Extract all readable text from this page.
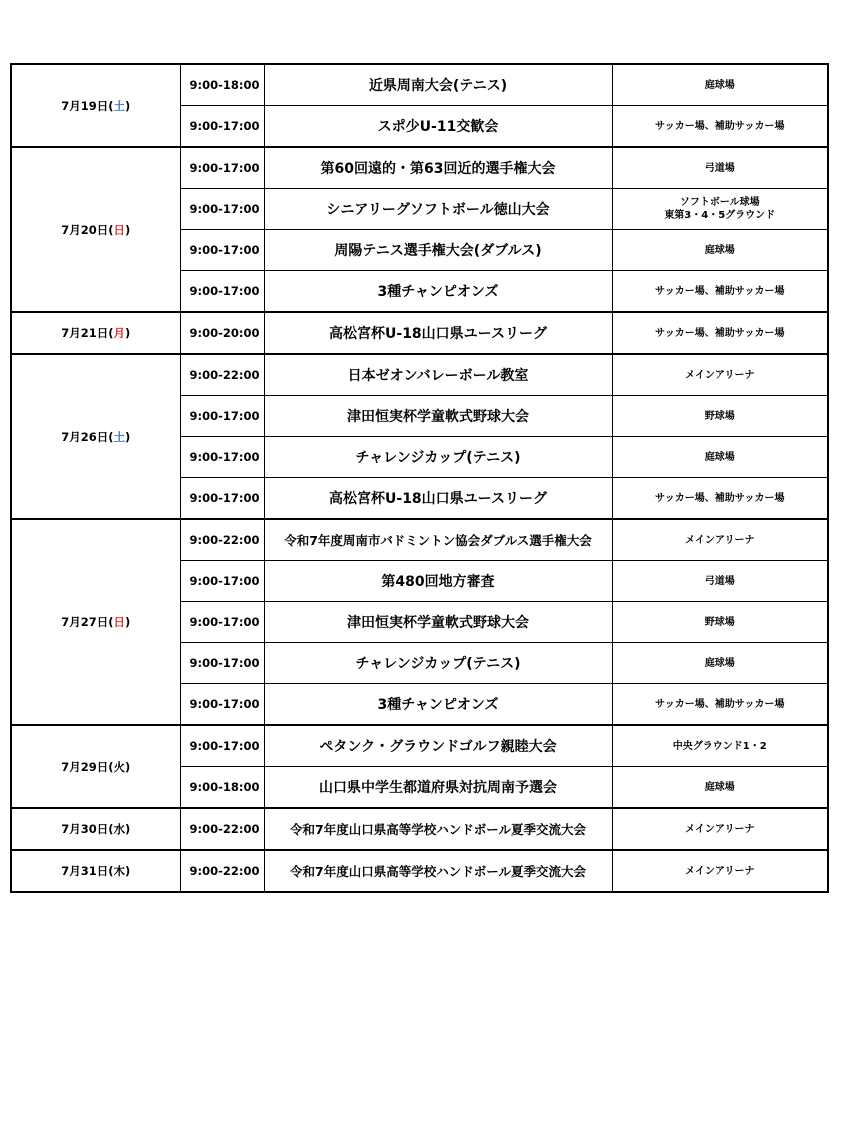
7月19日(土)	9:00-18:00	近県周南大会(テニス)	庭球場

	9:00-17:00	スポ少U-11交歓会	サッカー場、補助サッカー場

7月20日(日)	9:00-17:00	第60回遠的・第63回近的選手権大会	弓道場

	9:00-17:00	シニアリーグソフトボール徳山大会	ソフトボール球場
東第3・4・5グラウンド

	9:00-17:00	周陽テニス選手権大会(ダブルス)	庭球場

	9:00-17:00	3種チャンピオンズ	サッカー場、補助サッカー場

7月21日(月)	9:00-20:00	高松宮杯U-18山口県ユースリーグ	サッカー場、補助サッカー場

7月26日(土)	9:00-22:00	日本ゼオンバレーボール教室	メインアリーナ

	9:00-17:00	津田恒実杯学童軟式野球大会	野球場

	9:00-17:00	チャレンジカップ(テニス)	庭球場

	9:00-17:00	高松宮杯U-18山口県ユースリーグ	サッカー場、補助サッカー場

7月27日(日)	9:00-22:00	令和7年度周南市バドミントン協会ダブルス選手権大会	メインアリーナ

	9:00-17:00	第480回地方審査	弓道場

	9:00-17:00	津田恒実杯学童軟式野球大会	野球場

	9:00-17:00	チャレンジカップ(テニス)	庭球場

	9:00-17:00	3種チャンピオンズ	サッカー場、補助サッカー場

7月29日(火)	9:00-17:00	ペタンク・グラウンドゴルフ親睦大会	中央グラウンド1・2

	9:00-18:00	山口県中学生都道府県対抗周南予選会	庭球場

7月30日(水)	9:00-22:00	令和7年度山口県高等学校ハンドボール夏季交流大会	メインアリーナ

7月31日(木)	9:00-22:00	令和7年度山口県高等学校ハンドボール夏季交流大会	メインアリーナ
